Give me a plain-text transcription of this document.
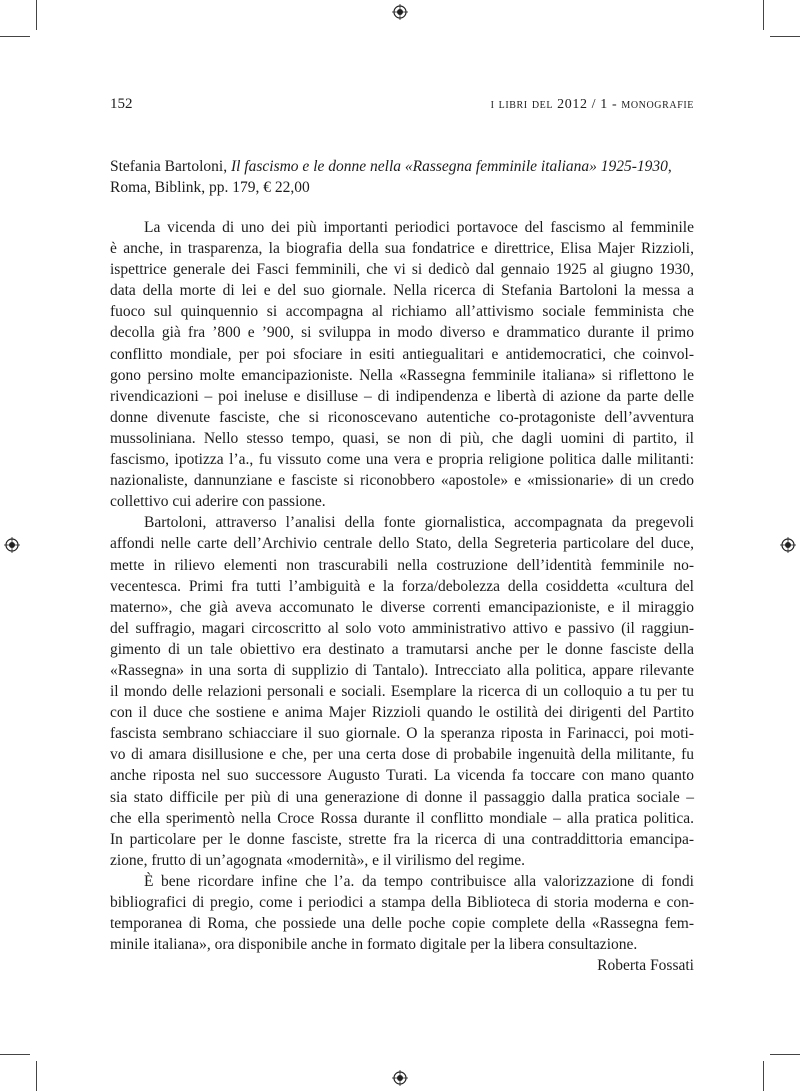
152	i libri del 2012 / 1 - monografie
Stefania Bartoloni, Il fascismo e le donne nella «Rassegna femminile italiana» 1925-1930,
Roma, Biblink, pp. 179, € 22,00
La vicenda di uno dei più importanti periodici portavoce del fascismo al femminile
è anche, in trasparenza, la biografia della sua fondatrice e direttrice, Elisa Majer Rizzioli,
ispettrice generale dei Fasci femminili, che vi si dedicò dal gennaio 1925 al giugno 1930,
data della morte di lei e del suo giornale. Nella ricerca di Stefania Bartoloni la messa a
fuoco sul quinquennio si accompagna al richiamo all’attivismo sociale femminista che
decolla già fra ’800 e ’900, si sviluppa in modo diverso e drammatico durante il primo
conflitto mondiale, per poi sfociare in esiti antiegualitari e antidemocratici, che coinvol-
gono persino molte emancipazioniste. Nella «Rassegna femminile italiana» si riflettono le
rivendicazioni – poi ineluse e disilluse – di indipendenza e libertà di azione da parte delle
donne divenute fasciste, che si riconoscevano autentiche co-protagoniste dell’avventura
mussoliniana. Nello stesso tempo, quasi, se non di più, che dagli uomini di partito, il
fascismo, ipotizza l’a., fu vissuto come una vera e propria religione politica dalle militanti:
nazionaliste, dannunziane e fasciste si riconobbero «apostole» e «missionarie» di un credo
collettivo cui aderire con passione.
Bartoloni, attraverso l’analisi della fonte giornalistica, accompagnata da pregevoli
affondi nelle carte dell’Archivio centrale dello Stato, della Segreteria particolare del duce,
mette in rilievo elementi non trascurabili nella costruzione dell’identità femminile no-
vecentesca. Primi fra tutti l’ambiguità e la forza/debolezza della cosiddetta «cultura del
materno», che già aveva accomunato le diverse correnti emancipazioniste, e il miraggio
del suffragio, magari circoscritto al solo voto amministrativo attivo e passivo (il raggiun-
gimento di un tale obiettivo era destinato a tramutarsi anche per le donne fasciste della
«Rassegna» in una sorta di supplizio di Tantalo). Intrecciato alla politica, appare rilevante
il mondo delle relazioni personali e sociali. Esemplare la ricerca di un colloquio a tu per tu
con il duce che sostiene e anima Majer Rizzioli quando le ostilità dei dirigenti del Partito
fascista sembrano schiacciare il suo giornale. O la speranza riposta in Farinacci, poi moti-
vo di amara disillusione e che, per una certa dose di probabile ingenuità della militante, fu
anche riposta nel suo successore Augusto Turati. La vicenda fa toccare con mano quanto
sia stato difficile per più di una generazione di donne il passaggio dalla pratica sociale –
che ella sperimentò nella Croce Rossa durante il conflitto mondiale – alla pratica politica.
In particolare per le donne fasciste, strette fra la ricerca di una contraddittoria emancipa-
zione, frutto di un’agognata «modernità», e il virilismo del regime.
È bene ricordare infine che l’a. da tempo contribuisce alla valorizzazione di fondi
bibliografici di pregio, come i periodici a stampa della Biblioteca di storia moderna e con-
temporanea di Roma, che possiede una delle poche copie complete della «Rassegna fem-
minile italiana», ora disponibile anche in formato digitale per la libera consultazione.
Roberta Fossati
